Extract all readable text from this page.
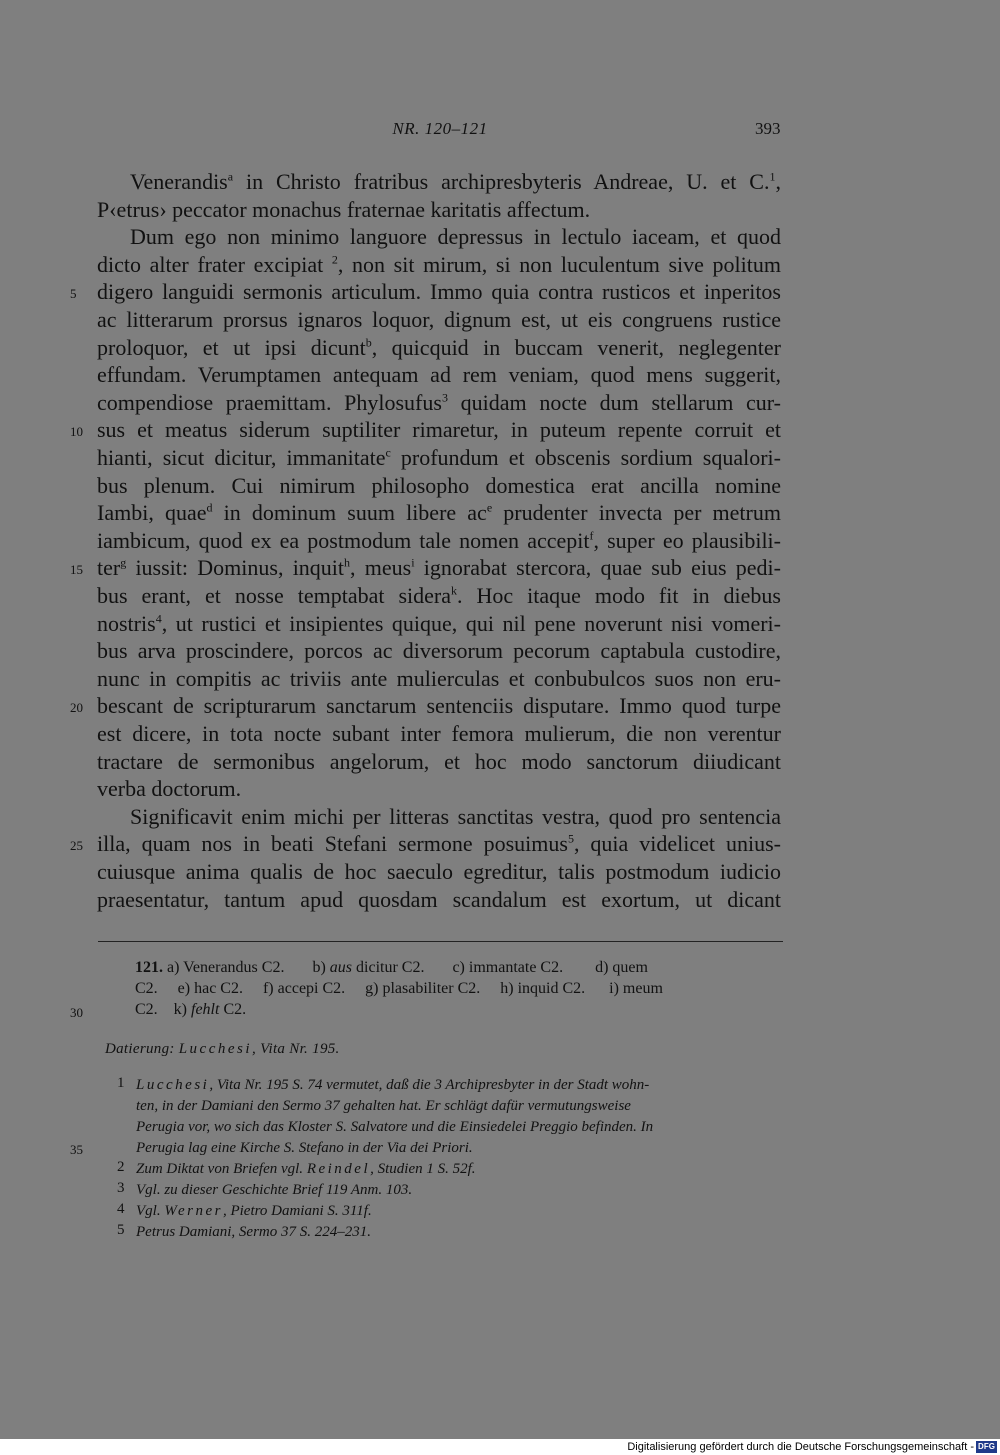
NR. 120–121	393
121. a) Venerandus C2.       b) aus dicitur C2.       c) immantate C2.        d) quem
C2.     e) hac C2.     f) accepi C2.     g) plasabiliter C2.     h) inquid C2.      i) meum
C2.    k) fehlt C2.
Datierung: Lucchesi, Vita Nr. 195.
Digitalisierung gefördert durch die Deutsche Forschungsgemeinschaft - DFG
Venerandis$^a$ in Christo fratribus archipresbyteris Andreae, U. et C.$^1$,
P‹etrus› peccator monachus fraternae karitatis affectum.
Dum ego non minimo languore depressus in lectulo iaceam, et quod
dicto alter frater excipiat $^2$, non sit mirum, si non luculentum sive politum
digero languidi sermonis articulum. Immo quia contra rusticos et inperitos
5
ac litterarum prorsus ignaros loquor, dignum est, ut eis congruens rustice
proloquor, et ut ipsi dicunt$^b$, quicquid in buccam venerit, neglegenter
effundam. Verumptamen antequam ad rem veniam, quod mens suggerit,
compendiose praemittam. Phylosufus$^3$ quidam nocte dum stellarum cur-
sus et meatus siderum suptiliter rimaretur, in puteum repente corruit et
10
hianti, sicut dicitur, immanitate$^c$ profundum et obscenis sordium squalori-
bus plenum. Cui nimirum philosopho domestica erat ancilla nomine
Iambi, quae$^d$ in dominum suum libere $ac^e$ prudenter invecta per metrum
iambicum, quod ex ea postmodum tale nomen accepit$^f$, super eo plausibili-
ter$^g$ iussit: Dominus, inquit$^h$, meus$^i$ ignorabat stercora, quae sub eius pedi-
15
bus erant, et nosse temptabat sidera$^k$. Hoc itaque modo fit in diebus
nostris$^4$, ut rustici et insipientes quique, qui nil pene noverunt nisi vomeri-
bus arva proscindere, porcos ac diversorum pecorum captabula custodire,
nunc in compitis ac triviis ante mulierculas et conbubulcos suos non eru-
bescant de scripturarum sanctarum sentenciis disputare. Immo quod turpe
20
est dicere, in tota nocte subant inter femora mulierum, die non verentur
tractare de sermonibus angelorum, et hoc modo sanctorum diiudicant
verba doctorum.
Significavit enim michi per litteras sanctitas vestra, quod pro sentencia
illa, quam nos in beati Stefani sermone posuimus$^5$, quia videlicet unius-
25
cuiusque anima qualis de hoc saeculo egreditur, talis postmodum iudicio
praesentatur, tantum apud quosdam scandalum est exortum, ut dicant
30
1 Lucchesi, Vita Nr. 195 S. 74 vermutet, daß die 3 Archipresbyter in der Stadt wohn-
ten, in der Damiani den Sermo 37 gehalten hat. Er schlägt dafür vermutungsweise
Perugia vor, wo sich das Kloster S. Salvatore und die Einsiedelei Preggio befinden. In
Perugia lag eine Kirche S. Stefano in der Via dei Priori.
35
2 Zum Diktat von Briefen vgl. Reindel, Studien 1 S. 52f.
3 Vgl. zu dieser Geschichte Brief 119 Anm. 103.
4 Vgl. Werner, Pietro Damiani S. 311f.
5 Petrus Damiani, Sermo 37 S. 224–231.
